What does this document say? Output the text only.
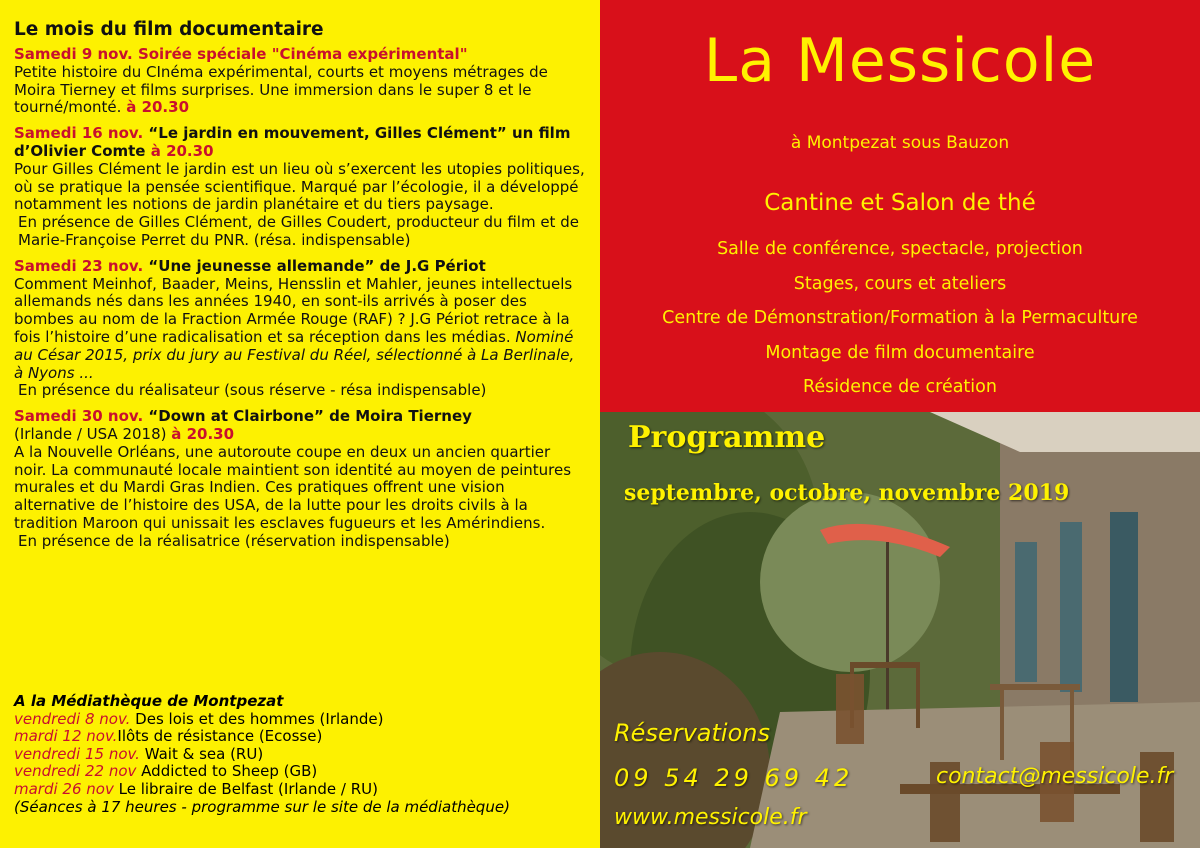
Le mois du film documentaire
Samedi 9 nov. Soirée spéciale "Cinéma expérimental"

Petite histoire du CInéma expérimental, courts et moyens métrages de Moira Tierney et films surprises. Une immersion dans le super 8 et le tourné/monté. à 20.30

Samedi 16 nov. “Le jardin en mouvement, Gilles Clément” un film d’Olivier Comte à 20.30

Pour Gilles Clément le jardin est un lieu où s’exercent les utopies politiques, où se pratique la pensée scientifique. Marqué par l’écologie, il a développé notamment les notions de jardin planétaire et du tiers paysage.

En présence de Gilles Clément, de Gilles Coudert, producteur du film et de Marie-Françoise Perret du PNR. (résa. indispensable)

Samedi 23 nov. “Une jeunesse allemande” de J.G Périot

Comment Meinhof, Baader, Meins, Hensslin et Mahler, jeunes intellectuels allemands nés dans les années 1940, en sont-ils arrivés à poser des bombes au nom de la Fraction Armée Rouge (RAF) ? J.G Périot retrace à la fois l’histoire d’une radicalisation et sa réception dans les médias. Nominé au César 2015, prix du jury au Festival du Réel, sélectionné à La Berlinale, à Nyons ...

En présence du réalisateur (sous réserve - résa indispensable)

Samedi 30 nov. “Down at Clairbone” de Moira Tierney

(Irlande / USA 2018) à 20.30

A la Nouvelle Orléans, une autoroute coupe en deux un ancien quartier noir. La communauté locale maintient son identité au moyen de peintures murales et du Mardi Gras Indien. Ces pratiques offrent une vision alternative de l’histoire des USA, de la lutte pour les droits civils à la tradition Maroon qui unissait les esclaves fugueurs et les Amérindiens.

En présence de la réalisatrice (réservation indispensable)

A la Médiathèque de Montpezat
vendredi 8 nov. Des lois et des hommes (Irlande)
mardi 12 nov.Ilôts de résistance (Ecosse)
vendredi 15 nov. Wait & sea (RU)
vendredi 22 nov Addicted to Sheep (GB)
mardi 26 nov Le libraire de Belfast (Irlande / RU)
(Séances à 17 heures - programme sur le site de la médiathèque)
La Messicole
à Montpezat sous Bauzon
Cantine et Salon de thé
Salle de conférence, spectacle, projection
Stages, cours et ateliers
Centre de Démonstration/Formation à la Permaculture
Montage de film documentaire
Résidence de création
Programme
septembre, octobre, novembre 2019
Réservations
09 54 29 69 42	contact@messicole.fr
www.messicole.fr
